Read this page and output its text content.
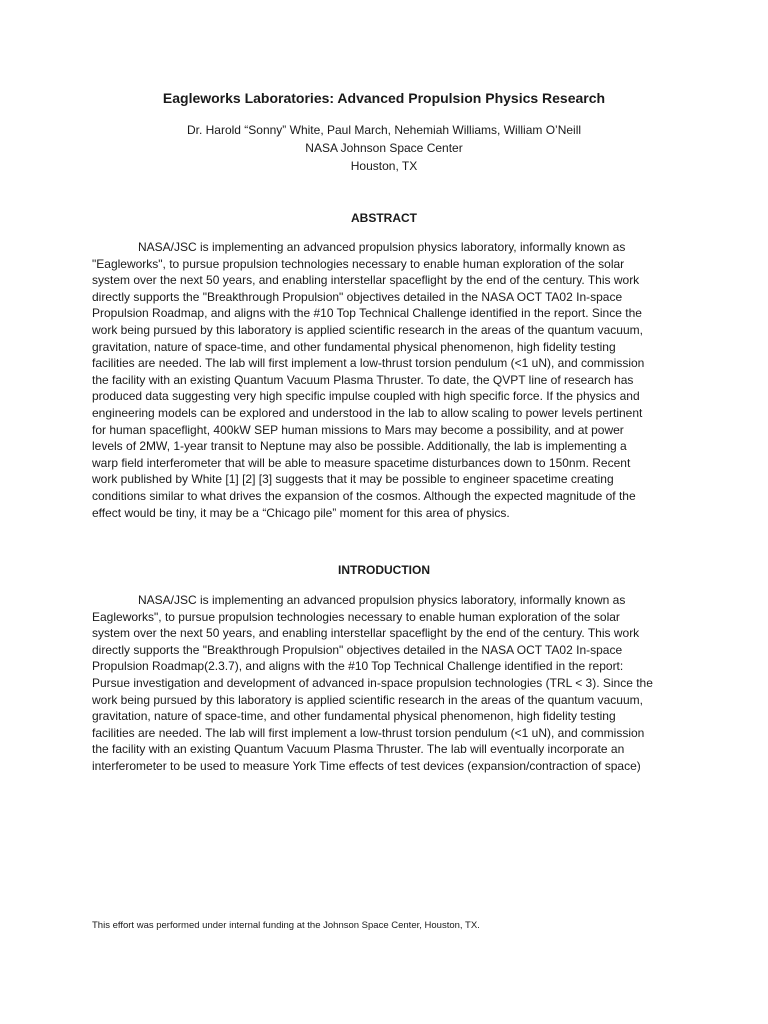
Eagleworks Laboratories: Advanced Propulsion Physics Research
Dr. Harold “Sonny” White, Paul March, Nehemiah Williams, William O’Neill
NASA Johnson Space Center
Houston, TX
ABSTRACT
NASA/JSC is implementing an advanced propulsion physics laboratory, informally known as
"Eagleworks", to pursue propulsion technologies necessary to enable human exploration of the solar
system over the next 50 years, and enabling interstellar spaceflight by the end of the century. This work
directly supports the "Breakthrough Propulsion" objectives detailed in the NASA OCT TA02 In-space
Propulsion Roadmap, and aligns with the #10 Top Technical Challenge identified in the report. Since the
work being pursued by this laboratory is applied scientific research in the areas of the quantum vacuum,
gravitation, nature of space-time, and other fundamental physical phenomenon, high fidelity testing
facilities are needed. The lab will first implement a low-thrust torsion pendulum (<1 uN), and commission
the facility with an existing Quantum Vacuum Plasma Thruster. To date, the QVPT line of research has
produced data suggesting very high specific impulse coupled with high specific force. If the physics and
engineering models can be explored and understood in the lab to allow scaling to power levels pertinent
for human spaceflight, 400kW SEP human missions to Mars may become a possibility, and at power
levels of 2MW, 1-year transit to Neptune may also be possible. Additionally, the lab is implementing a
warp field interferometer that will be able to measure spacetime disturbances down to 150nm. Recent
work published by White [1] [2] [3] suggests that it may be possible to engineer spacetime creating
conditions similar to what drives the expansion of the cosmos. Although the expected magnitude of the
effect would be tiny, it may be a “Chicago pile” moment for this area of physics.
INTRODUCTION
NASA/JSC is implementing an advanced propulsion physics laboratory, informally known as
Eagleworks", to pursue propulsion technologies necessary to enable human exploration of the solar
system over the next 50 years, and enabling interstellar spaceflight by the end of the century. This work
directly supports the "Breakthrough Propulsion" objectives detailed in the NASA OCT TA02 In-space
Propulsion Roadmap(2.3.7), and aligns with the #10 Top Technical Challenge identified in the report:
Pursue investigation and development of advanced in-space propulsion technologies (TRL < 3). Since the
work being pursued by this laboratory is applied scientific research in the areas of the quantum vacuum,
gravitation, nature of space-time, and other fundamental physical phenomenon, high fidelity testing
facilities are needed. The lab will first implement a low-thrust torsion pendulum (<1 uN), and commission
the facility with an existing Quantum Vacuum Plasma Thruster. The lab will eventually incorporate an
interferometer to be used to measure York Time effects of test devices (expansion/contraction of space)
This effort was performed under internal funding at the Johnson Space Center, Houston, TX.
